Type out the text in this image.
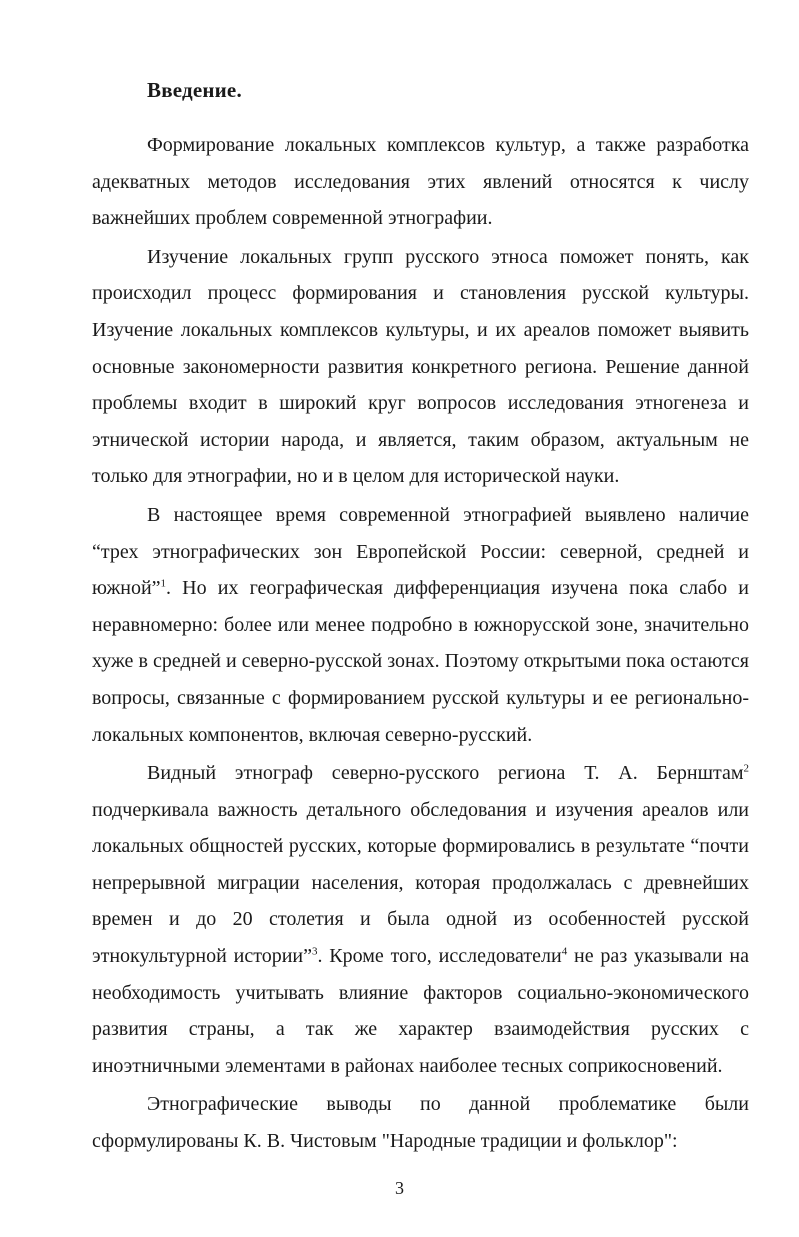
Введение.

Формирование локальных комплексов культур, а также разработка адекватных методов исследования этих явлений относятся к числу важнейших проблем современной этнографии.

Изучение локальных групп русского этноса поможет понять, как происходил процесс формирования и становления русской культуры. Изучение локальных комплексов культуры, и их ареалов поможет выявить основные закономерности развития конкретного региона. Решение данной проблемы входит в широкий круг вопросов исследования этногенеза и этнической истории народа, и является, таким образом, актуальным не только для этнографии, но и в целом для исторической науки.

В настоящее время современной этнографией выявлено наличие “трех этнографических зон Европейской России: северной, средней и южной”$^1$. Но их географическая дифференциация изучена пока слабо и неравномерно: более или менее подробно в южнорусской зоне, значительно хуже в средней и северно-русской зонах. Поэтому открытыми пока остаются вопросы, связанные с формированием русской культуры и ее регионально-локальных компонентов, включая северно-русский.

Видный этнограф северно-русского региона Т. А. Бернштам$^2$ подчеркивала важность детального обследования и изучения ареалов или локальных общностей русских, которые формировались в результате “почти непрерывной миграции населения, которая продолжалась с древнейших времен и до 20 столетия и была одной из особенностей русской этнокультурной истории”$^3$. Кроме того, исследователи$^4$ не раз указывали на необходимость учитывать влияние факторов социально-экономического развития страны, а так же характер взаимодействия русских с иноэтничными элементами в районах наиболее тесных соприкосновений.

Этнографические выводы по данной проблематике были сформулированы К. В. Чистовым "Народные традиции и фольклор":

3
